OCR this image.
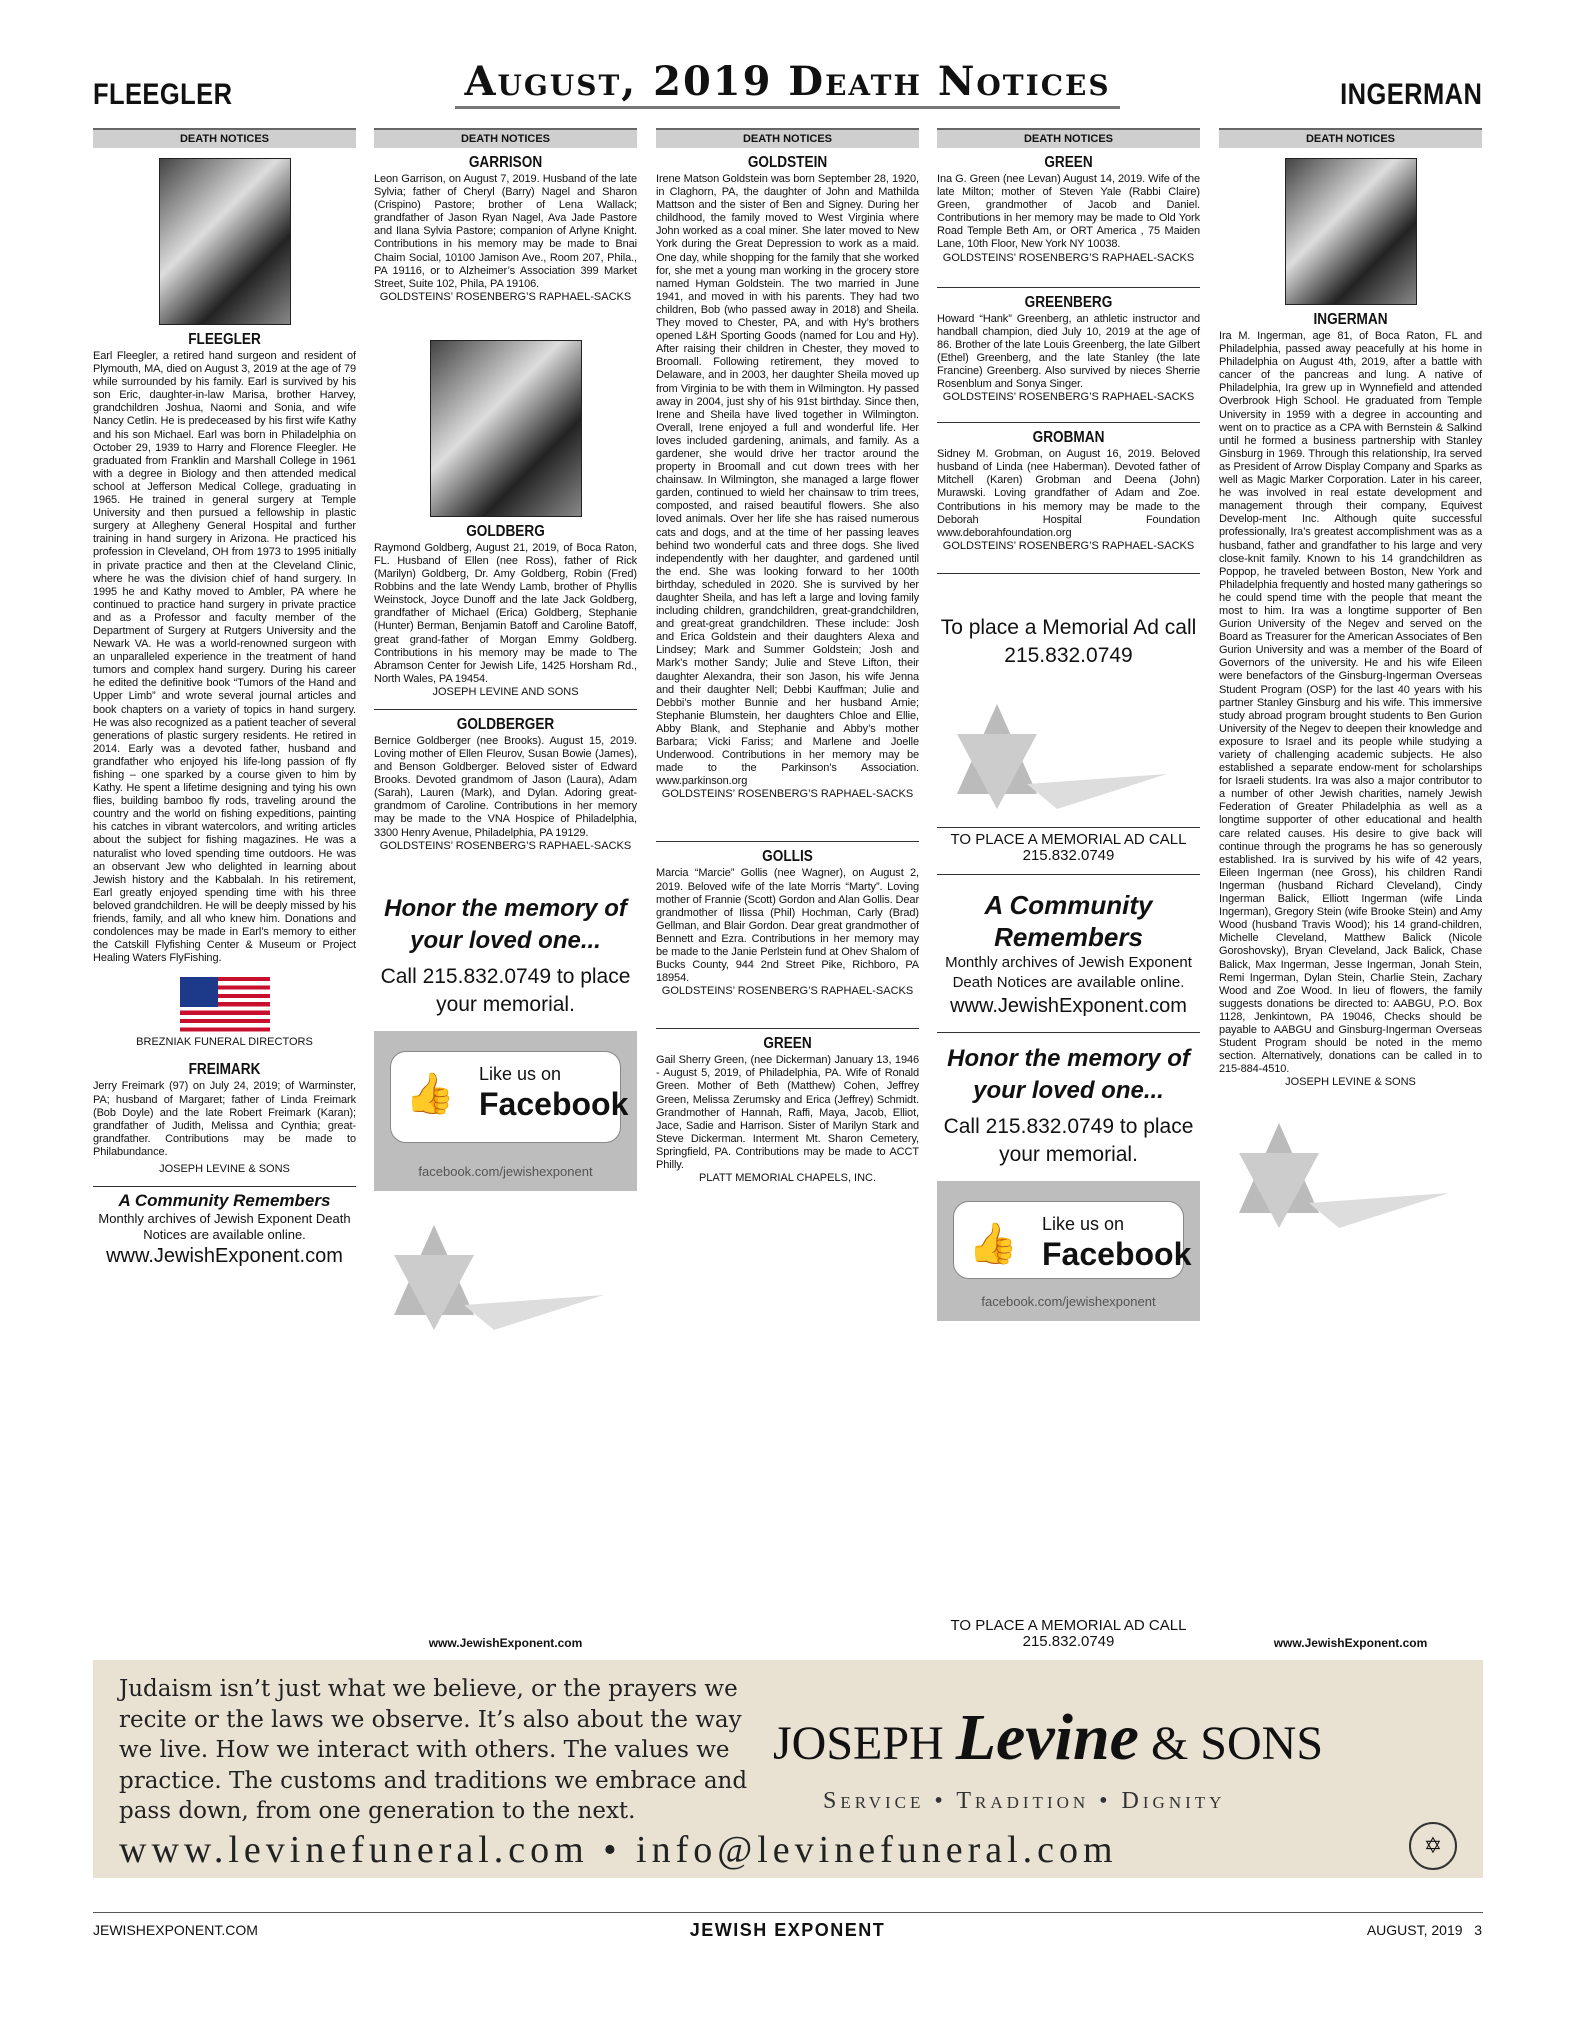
FLEEGLER	August, 2019 Death Notices	INGERMAN
DEATH NOTICES
FLEEGLER
Earl Fleegler, a retired hand surgeon and resident of Plymouth, MA, died on August 3, 2019 at the age of 79 while surrounded by his family. Earl is survived by his son Eric, daughter-in-law Marisa, brother Harvey, grandchildren Joshua, Naomi and Sonia, and wife Nancy Cetlin. He is predeceased by his first wife Kathy and his son Michael. Earl was born in Philadelphia on October 29, 1939 to Harry and Florence Fleegler. He graduated from Franklin and Marshall College in 1961 with a degree in Biology and then attended medical school at Jefferson Medical College, graduating in 1965. He trained in general surgery at Temple University and then pursued a fellowship in plastic surgery at Allegheny General Hospital and further training in hand surgery in Arizona. He practiced his profession in Cleveland, OH from 1973 to 1995 initially in private practice and then at the Cleveland Clinic, where he was the division chief of hand surgery. In 1995 he and Kathy moved to Ambler, PA where he continued to practice hand surgery in private practice and as a Professor and faculty member of the Department of Surgery at Rutgers University and the Newark VA. He was a world-renowned surgeon with an unparalleled experience in the treatment of hand tumors and complex hand surgery. During his career he edited the definitive book “Tumors of the Hand and Upper Limb” and wrote several journal articles and book chapters on a variety of topics in hand surgery. He was also recognized as a patient teacher of several generations of plastic surgery residents. He retired in 2014. Early was a devoted father, husband and grandfather who enjoyed his life-long passion of fly fishing – one sparked by a course given to him by Kathy. He spent a lifetime designing and tying his own flies, building bamboo fly rods, traveling around the country and the world on fishing expeditions, painting his catches in vibrant watercolors, and writing articles about the subject for fishing magazines. He was a naturalist who loved spending time outdoors. He was an observant Jew who delighted in learning about Jewish history and the Kabbalah. In his retirement, Earl greatly enjoyed spending time with his three beloved grandchildren. He will be deeply missed by his friends, family, and all who knew him. Donations and condolences may be made in Earl’s memory to either the Catskill Flyfishing Center & Museum or Project Healing Waters FlyFishing.
BREZNIAK FUNERAL DIRECTORS
FREIMARK
Jerry Freimark (97) on July 24, 2019; of Warminster, PA; husband of Margaret; father of Linda Freimark (Bob Doyle) and the late Robert Freimark (Karan); grandfather of Judith, Melissa and Cynthia; great-grandfather. Contributions may be made to Philabundance.
JOSEPH LEVINE & SONS
A Community Remembers
Monthly archives of Jewish Exponent Death Notices are available online.
www.JewishExponent.com
DEATH NOTICES
GARRISON
Leon Garrison, on August 7, 2019. Husband of the late Sylvia; father of Cheryl (Barry) Nagel and Sharon (Crispino) Pastore; brother of Lena Wallack; grandfather of Jason Ryan Nagel, Ava Jade Pastore and Ilana Sylvia Pastore; companion of Arlyne Knight. Contributions in his memory may be made to Bnai Chaim Social, 10100 Jamison Ave., Room 207, Phila., PA 19116, or to Alzheimer’s Association 399 Market Street, Suite 102, Phila, PA 19106.
GOLDSTEINS’ ROSENBERG’S RAPHAEL-SACKS
GOLDBERG
Raymond Goldberg, August 21, 2019, of Boca Raton, FL. Husband of Ellen (nee Ross), father of Rick (Marilyn) Goldberg, Dr. Amy Goldberg, Robin (Fred) Robbins and the late Wendy Lamb, brother of Phyllis Weinstock, Joyce Dunoff and the late Jack Goldberg, grandfather of Michael (Erica) Goldberg, Stephanie (Hunter) Berman, Benjamin Batoff and Caroline Batoff, great grand-father of Morgan Emmy Goldberg. Contributions in his memory may be made to The Abramson Center for Jewish Life, 1425 Horsham Rd., North Wales, PA 19454.
JOSEPH LEVINE AND SONS
GOLDBERGER
Bernice Goldberger (nee Brooks). August 15, 2019. Loving mother of Ellen Fleurov, Susan Bowie (James), and Benson Goldberger. Beloved sister of Edward Brooks. Devoted grandmom of Jason (Laura), Adam (Sarah), Lauren (Mark), and Dylan. Adoring great-grandmom of Caroline. Contributions in her memory may be made to the VNA Hospice of Philadelphia, 3300 Henry Avenue, Philadelphia, PA 19129.
GOLDSTEINS’ ROSENBERG’S RAPHAEL-SACKS
Honor the memory of your loved one...
Call 215.832.0749 to place your memorial.
👍 Like us on
Facebook
facebook.com/jewishexponent
www.JewishExponent.com
DEATH NOTICES
GOLDSTEIN
Irene Matson Goldstein was born September 28, 1920, in Claghorn, PA, the daughter of John and Mathilda Mattson and the sister of Ben and Signey. During her childhood, the family moved to West Virginia where John worked as a coal miner. She later moved to New York during the Great Depression to work as a maid. One day, while shopping for the family that she worked for, she met a young man working in the grocery store named Hyman Goldstein. The two married in June 1941, and moved in with his parents. They had two children, Bob (who passed away in 2018) and Sheila. They moved to Chester, PA, and with Hy’s brothers opened L&H Sporting Goods (named for Lou and Hy). After raising their children in Chester, they moved to Broomall. Following retirement, they moved to Delaware, and in 2003, her daughter Sheila moved up from Virginia to be with them in Wilmington. Hy passed away in 2004, just shy of his 91st birthday. Since then, Irene and Sheila have lived together in Wilmington. Overall, Irene enjoyed a full and wonderful life. Her loves included gardening, animals, and family. As a gardener, she would drive her tractor around the property in Broomall and cut down trees with her chainsaw. In Wilmington, she managed a large flower garden, continued to wield her chainsaw to trim trees, composted, and raised beautiful flowers. She also loved animals. Over her life she has raised numerous cats and dogs, and at the time of her passing leaves behind two wonderful cats and three dogs. She lived independently with her daughter, and gardened until the end. She was looking forward to her 100th birthday, scheduled in 2020. She is survived by her daughter Sheila, and has left a large and loving family including children, grandchildren, great-grandchildren, and great-great grandchildren. These include: Josh and Erica Goldstein and their daughters Alexa and Lindsey; Mark and Summer Goldstein; Josh and Mark’s mother Sandy; Julie and Steve Lifton, their daughter Alexandra, their son Jason, his wife Jenna and their daughter Nell; Debbi Kauffman; Julie and Debbi’s mother Bunnie and her husband Arnie; Stephanie Blumstein, her daughters Chloe and Ellie, Abby Blank, and Stephanie and Abby’s mother Barbara; Vicki Fariss; and Marlene and Joelle Underwood. Contributions in her memory may be made to the Parkinson’s Association. www.parkinson.org
GOLDSTEINS’ ROSENBERG’S RAPHAEL-SACKS
GOLLIS
Marcia “Marcie” Gollis (nee Wagner), on August 2, 2019. Beloved wife of the late Morris “Marty”. Loving mother of Frannie (Scott) Gordon and Alan Gollis. Dear grandmother of Ilissa (Phil) Hochman, Carly (Brad) Gellman, and Blair Gordon. Dear great grandmother of Bennett and Ezra. Contributions in her memory may be made to the Janie Perlstein fund at Ohev Shalom of Bucks County, 944 2nd Street Pike, Richboro, PA 18954.
GOLDSTEINS’ ROSENBERG’S RAPHAEL-SACKS
GREEN
Gail Sherry Green, (nee Dickerman) January 13, 1946 - August 5, 2019, of Philadelphia, PA. Wife of Ronald Green. Mother of Beth (Matthew) Cohen, Jeffrey Green, Melissa Zerumsky and Erica (Jeffrey) Schmidt. Grandmother of Hannah, Raffi, Maya, Jacob, Elliot, Jace, Sadie and Harrison. Sister of Marilyn Stark and Steve Dickerman. Interment Mt. Sharon Cemetery, Springfield, PA. Contributions may be made to ACCT Philly.
PLATT MEMORIAL CHAPELS, INC.
DEATH NOTICES
GREEN
Ina G. Green (nee Levan) August 14, 2019. Wife of the late Milton; mother of Steven Yale (Rabbi Claire) Green, grandmother of Jacob and Daniel. Contributions in her memory may be made to Old York Road Temple Beth Am, or ORT America , 75 Maiden Lane, 10th Floor, New York NY 10038.
GOLDSTEINS’ ROSENBERG’S RAPHAEL-SACKS
GREENBERG
Howard “Hank” Greenberg, an athletic instructor and handball champion, died July 10, 2019 at the age of 86. Brother of the late Louis Greenberg, the late Gilbert (Ethel) Greenberg, and the late Stanley (the late Francine) Greenberg. Also survived by nieces Sherrie Rosenblum and Sonya Singer.
GOLDSTEINS’ ROSENBERG’S RAPHAEL-SACKS
GROBMAN
Sidney M. Grobman, on August 16, 2019. Beloved husband of Linda (nee Haberman). Devoted father of Mitchell (Karen) Grobman and Deena (John) Murawski. Loving grandfather of Adam and Zoe. Contributions in his memory may be made to the Deborah Hospital Foundation www.deborahfoundation.org
GOLDSTEINS’ ROSENBERG’S RAPHAEL-SACKS
To place a Memorial Ad call 215.832.0749
TO PLACE A MEMORIAL AD CALL 215.832.0749
A Community Remembers
Monthly archives of Jewish Exponent Death Notices are available online.
www.JewishExponent.com
Honor the memory of your loved one...
Call 215.832.0749 to place your memorial.
👍 Like us on
Facebook
facebook.com/jewishexponent
TO PLACE A MEMORIAL AD CALL 215.832.0749
DEATH NOTICES
INGERMAN
Ira M. Ingerman, age 81, of Boca Raton, FL and Philadelphia, passed away peacefully at his home in Philadelphia on August 4th, 2019, after a battle with cancer of the pancreas and lung. A native of Philadelphia, Ira grew up in Wynnefield and attended Overbrook High School. He graduated from Temple University in 1959 with a degree in accounting and went on to practice as a CPA with Bernstein & Salkind until he formed a business partnership with Stanley Ginsburg in 1969. Through this relationship, Ira served as President of Arrow Display Company and Sparks as well as Magic Marker Corporation. Later in his career, he was involved in real estate development and management through their company, Equivest Develop-ment Inc. Although quite successful professionally, Ira’s greatest accomplishment was as a husband, father and grandfather to his large and very close-knit family. Known to his 14 grandchildren as Poppop, he traveled between Boston, New York and Philadelphia frequently and hosted many gatherings so he could spend time with the people that meant the most to him. Ira was a longtime supporter of Ben Gurion University of the Negev and served on the Board as Treasurer for the American Associates of Ben Gurion University and was a member of the Board of Governors of the university. He and his wife Eileen were benefactors of the Ginsburg-Ingerman Overseas Student Program (OSP) for the last 40 years with his partner Stanley Ginsburg and his wife. This immersive study abroad program brought students to Ben Gurion University of the Negev to deepen their knowledge and exposure to Israel and its people while studying a variety of challenging academic subjects. He also established a separate endow-ment for scholarships for Israeli students. Ira was also a major contributor to a number of other Jewish charities, namely Jewish Federation of Greater Philadelphia as well as a longtime supporter of other educational and health care related causes. His desire to give back will continue through the programs he has so generously established. Ira is survived by his wife of 42 years, Eileen Ingerman (nee Gross), his children Randi Ingerman (husband Richard Cleveland), Cindy Ingerman Balick, Elliott Ingerman (wife Linda Ingerman), Gregory Stein (wife Brooke Stein) and Amy Wood (husband Travis Wood); his 14 grand-children, Michelle Cleveland, Matthew Balick (Nicole Goroshovsky), Bryan Cleveland, Jack Balick, Chase Balick, Max Ingerman, Jesse Ingerman, Jonah Stein, Remi Ingerman, Dylan Stein, Charlie Stein, Zachary Wood and Zoe Wood. In lieu of flowers, the family suggests donations be directed to: AABGU, P.O. Box 1128, Jenkintown, PA 19046, Checks should be payable to AABGU and Ginsburg-Ingerman Overseas Student Program should be noted in the memo section. Alternatively, donations can be called in to 215-884-4510.
JOSEPH LEVINE & SONS
www.JewishExponent.com
Judaism isn’t just what we believe, or the prayers we recite or the laws we observe. It’s also about the way we live. How we interact with others. The values we practice. The customs and traditions we embrace and pass down, from one generation to the next.
JOSEPH Levine & SONS
Service • Tradition • Dignity
www.levinefuneral.com • info@levinefuneral.com	✡
JEWISHEXPONENT.COM	JEWISH EXPONENT	AUGUST, 2019   3
